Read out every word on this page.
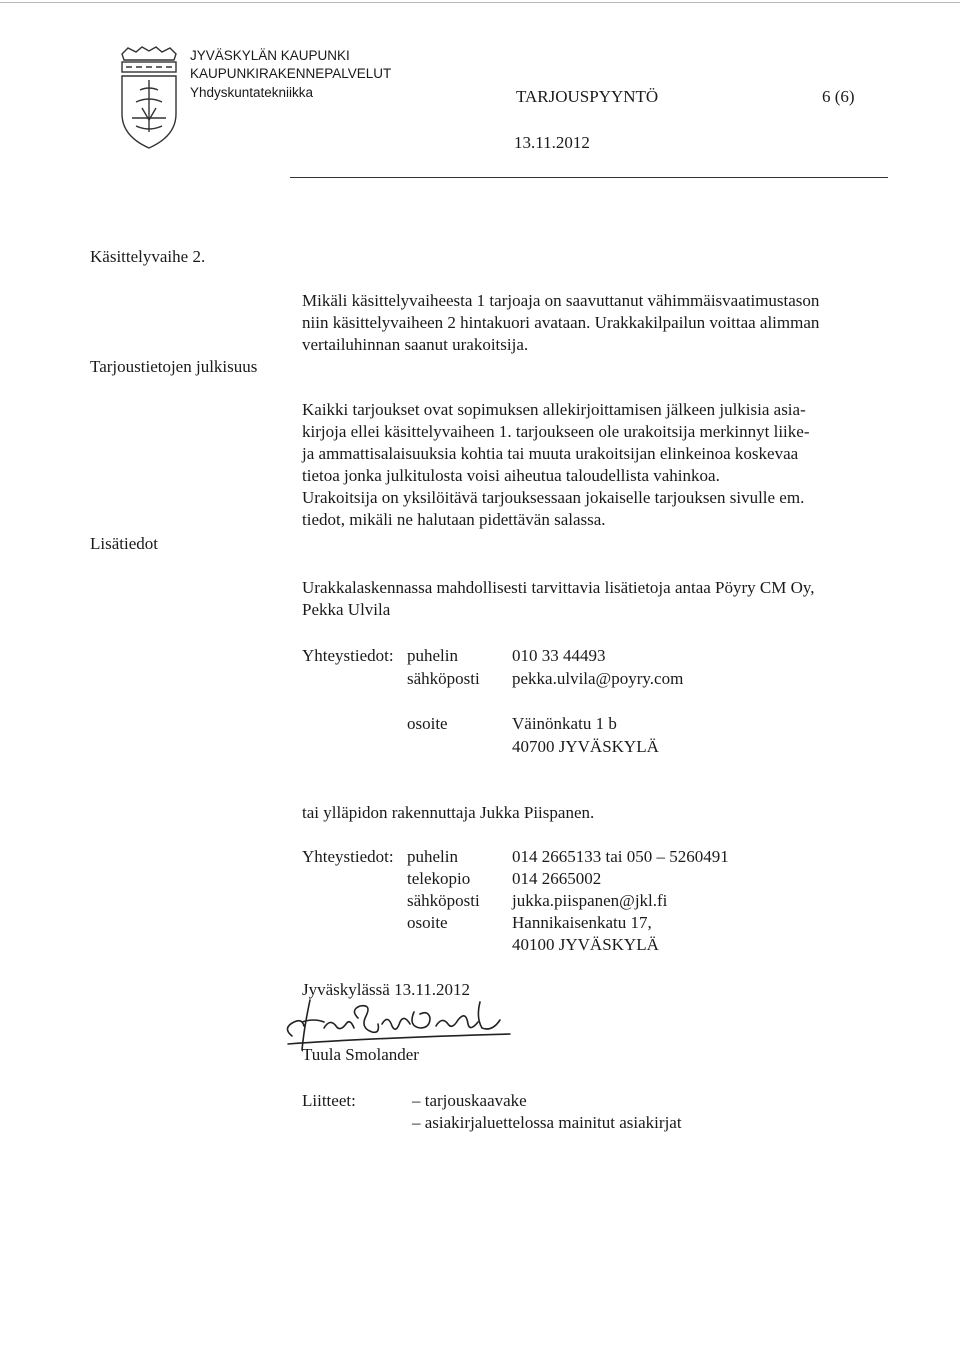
JYVÄSKYLÄN KAUPUNKI
KAUPUNKIRAKENNEPALVELUT
Yhdyskuntatekniikka	TARJOUSPYYNTÖ	6 (6)
13.11.2012
Käsittelyvaihe 2.
Mikäli käsittelyvaiheesta 1 tarjoaja on saavuttanut vähimmäisvaatimustason
niin käsittelyvaiheen 2 hintakuori avataan. Urakkakilpailun voittaa alimman
vertailuhinnan saanut urakoitsija.
Tarjoustietojen julkisuus
Kaikki tarjoukset ovat sopimuksen allekirjoittamisen jälkeen julkisia asia-
kirjoja ellei käsittelyvaiheen 1. tarjoukseen ole urakoitsija merkinnyt liike-
ja ammattisalaisuuksia kohtia tai muuta urakoitsijan elinkeinoa koskevaa
tietoa jonka julkitulosta voisi aiheutua taloudellista vahinkoa.
Urakoitsija on yksilöitävä tarjouksessaan jokaiselle tarjouksen sivulle em.
tiedot, mikäli ne halutaan pidettävän salassa.
Lisätiedot
Urakkalaskennassa mahdollisesti tarvittavia lisätietoja antaa Pöyry CM Oy,
Pekka Ulvila
Yhteystiedot: puhelin	010 33 44493
sähköposti pekka.ulvila@poyry.com
osoite	Väinönkatu 1 b
40700 JYVÄSKYLÄ
tai ylläpidon rakennuttaja Jukka Piispanen.
Yhteystiedot: puhelin	014 2665133 tai 050 – 5260491
telekopio 014 2665002
sähköposti jukka.piispanen@jkl.fi
osoite	Hannikaisenkatu 17,
40100 JYVÄSKYLÄ
Jyväskylässä 13.11.2012
Tuula Smolander
Liitteet:	– tarjouskaavake
– asiakirjaluettelossa mainitut asiakirjat
